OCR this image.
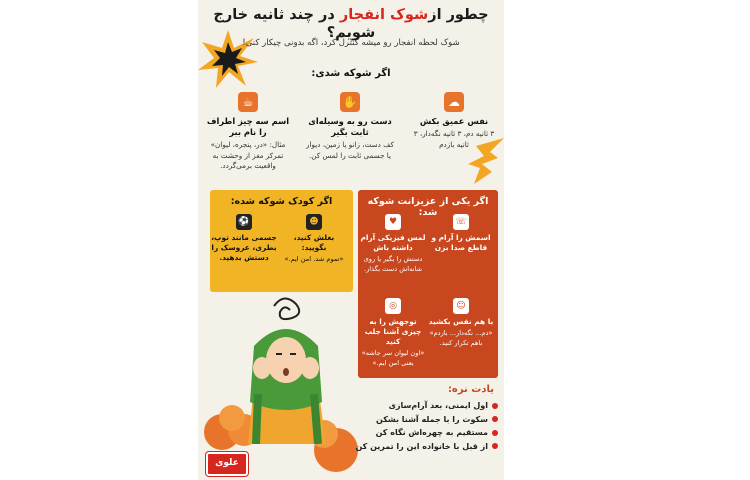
چطور ازشوک انفجار در چند ثانیه خارج شویم؟
شوک لحظه انفجار رو میشه کنترل کرد، اگه بدونی چیکار کنی!
اگر شوکه شدی:
☁
نفس عمیق بکش
۳ ثانیه دم، ۳ ثانیه نگه‌دار، ۳ ثانیه بازدم
✋
دست رو به وسیله‌ای ثابت بگیر
کف دست، زانو یا زمین، دیوار یا جسمی ثابت را لمس کن.
☕
اسم سه چیز اطراف را نام ببر
مثال: «در، پنجره، لیوان» تمرکز مغز از وحشت به واقعیت برمی‌گردد.
اگر یکی از عزیزانت شوکه شد:
☏
اسمش را آرام و قاطع صدا بزن
♥
لمس فیزیکی آرام داشته باش
دستش را بگیر یا روی شانه‌اش دست بگذار.
☺
با هم نفس بکشید
«دم... نگه‌دار... بازدم» باهم تکرار کنید.
◎
توجهش را به چیزی آشنا جلب کنید
«اون لیوان سر جاشه» یعنی امن ایم.»
اگر کودک شوکه شده:
☻
بغلش کنید، بگویید:
«تموم شد. امن ایم.»
⚽
جسمی مانند توپ، بطری، عروسک را دستش بدهید.
یادت نره:
اول ایمنی، بعد آرام‌سازی
سکوت را با جمله آشنا بشکن
مستقیم به چهره‌اش نگاه کن
از قبل با خانواده این را تمرین کن
علوی
